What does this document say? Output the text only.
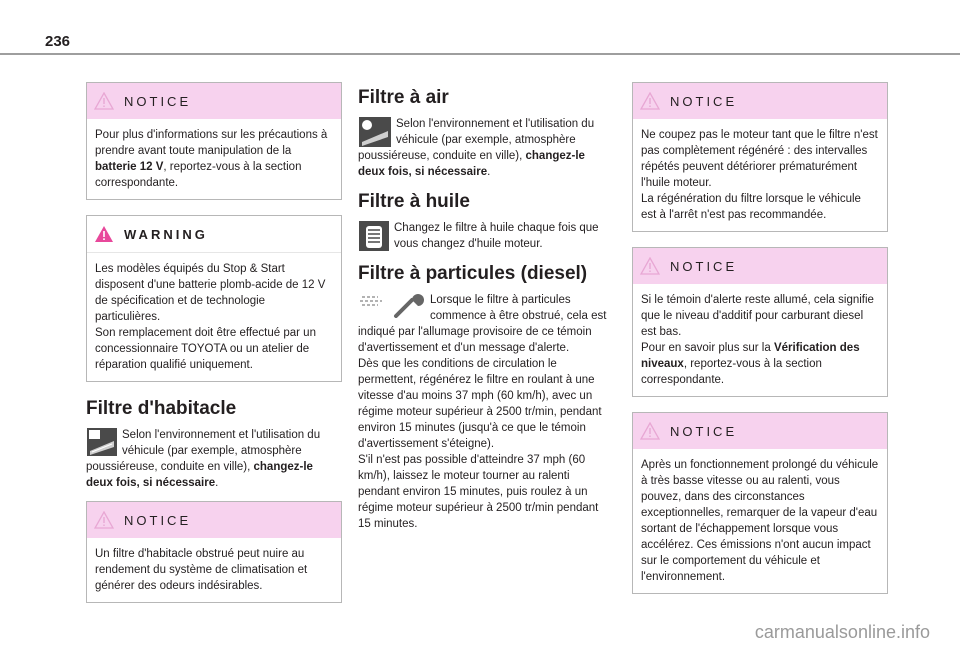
236
NOTICE

Pour plus d'informations sur les précautions à prendre avant toute manipulation de la batterie 12 V, reportez-vous à la section correspondante.

WARNING

Les modèles équipés du Stop & Start disposent d'une batterie plomb-acide de 12 V de spécification et de technologie particulières.

Son remplacement doit être effectué par un concessionnaire TOYOTA ou un atelier de réparation qualifié uniquement.

Filtre d'habitacle

Selon l'environnement et l'utilisation du véhicule (par exemple, atmosphère poussiéreuse, conduite en ville), changez-le deux fois, si nécessaire.

NOTICE

Un filtre d'habitacle obstrué peut nuire au rendement du système de climatisation et générer des odeurs indésirables.

Filtre à air

Selon l'environnement et l'utilisation du véhicule (par exemple, atmosphère poussiéreuse, conduite en ville), changez-le deux fois, si nécessaire.

Filtre à huile

Changez le filtre à huile chaque fois que vous changez d'huile moteur.

Filtre à particules (diesel)

Lorsque le filtre à particules commence à être obstrué, cela est indiqué par l'allumage provisoire de ce témoin d'avertissement et d'un message d'alerte.

Dès que les conditions de circulation le permettent, régénérez le filtre en roulant à une vitesse d'au moins 37 mph (60 km/h), avec un régime moteur supérieur à 2500 tr/min, pendant environ 15 minutes (jusqu'à ce que le témoin d'avertissement s'éteigne).

S'il n'est pas possible d'atteindre 37 mph (60 km/h), laissez le moteur tourner au ralenti pendant environ 15 minutes, puis roulez à un régime moteur supérieur à 2500 tr/min pendant 15 minutes.

NOTICE

Ne coupez pas le moteur tant que le filtre n'est pas complètement régénéré : des intervalles répétés peuvent détériorer prématurément l'huile moteur.

La régénération du filtre lorsque le véhicule est à l'arrêt n'est pas recommandée.

NOTICE

Si le témoin d'alerte reste allumé, cela signifie que le niveau d'additif pour carburant diesel est bas.

Pour en savoir plus sur la Vérification des niveaux, reportez-vous à la section correspondante.

NOTICE

Après un fonctionnement prolongé du véhicule à très basse vitesse ou au ralenti, vous pouvez, dans des circonstances exceptionnelles, remarquer de la vapeur d'eau sortant de l'échappement lorsque vous accélérez. Ces émissions n'ont aucun impact sur le comportement du véhicule et l'environnement.

carmanualsonline.info
